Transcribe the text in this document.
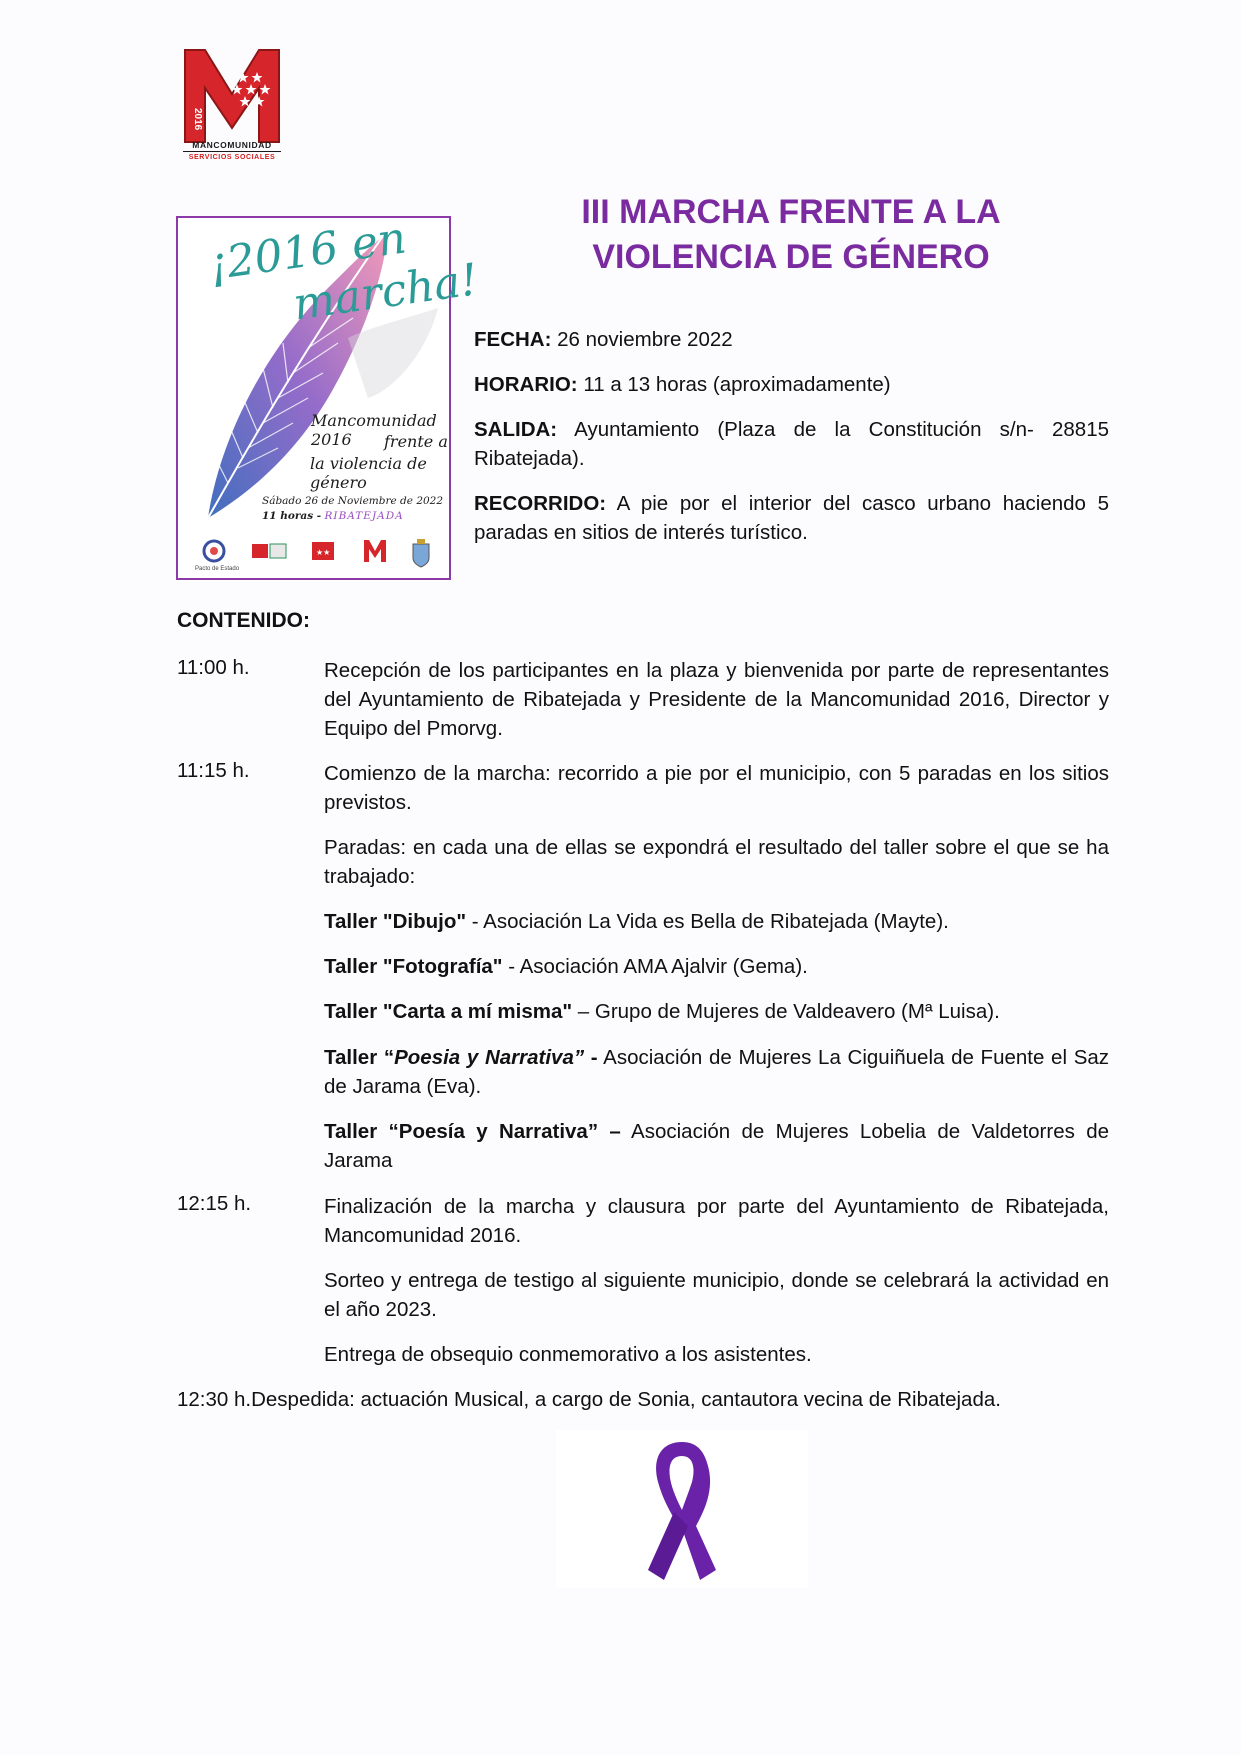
2016
MANCOMUNIDAD
SERVICIOS SOCIALES
¡2016 en
marcha!
Mancomunidad 2016	frente a
la violencia de género
Sábado 26 de Noviembre de 2022
11 horas - RIBATEJADA
Pacto de Estado
★★
III MARCHA FRENTE A LA
VIOLENCIA DE GÉNERO
FECHA: 26 noviembre 2022
HORARIO: 11 a 13 horas (aproximadamente)
SALIDA: Ayuntamiento (Plaza de la Constitución s/n- 28815 Ribatejada).
RECORRIDO: A pie por el interior del casco urbano haciendo 5 paradas en sitios de interés turístico.
CONTENIDO:
11:00 h.	Recepción de los participantes en la plaza y bienvenida por parte de representantes del Ayuntamiento de Ribatejada y Presidente de la Mancomunidad 2016, Director y Equipo del Pmorvg.
11:15 h.	Comienzo de la marcha: recorrido a pie por el municipio, con 5 paradas en los sitios previstos.
Paradas: en cada una de ellas se expondrá el resultado del taller sobre el que se ha trabajado:
Taller "Dibujo" - Asociación La Vida es Bella de Ribatejada (Mayte).
Taller "Fotografía" - Asociación AMA Ajalvir (Gema).
Taller "Carta a mí misma" – Grupo de Mujeres de Valdeavero (Mª Luisa).
Taller “Poesia y Narrativa” - Asociación de Mujeres La Ciguiñuela de Fuente el Saz de Jarama (Eva).
Taller “Poesía y Narrativa” – Asociación de Mujeres Lobelia de Valdetorres de Jarama
12:15 h.	Finalización de la marcha y clausura por parte del Ayuntamiento de Ribatejada, Mancomunidad 2016.
Sorteo y entrega de testigo al siguiente municipio, donde se celebrará la actividad en el año 2023.
Entrega de obsequio conmemorativo a los asistentes.
12:30 h.Despedida: actuación Musical, a cargo de Sonia, cantautora vecina de Ribatejada.
